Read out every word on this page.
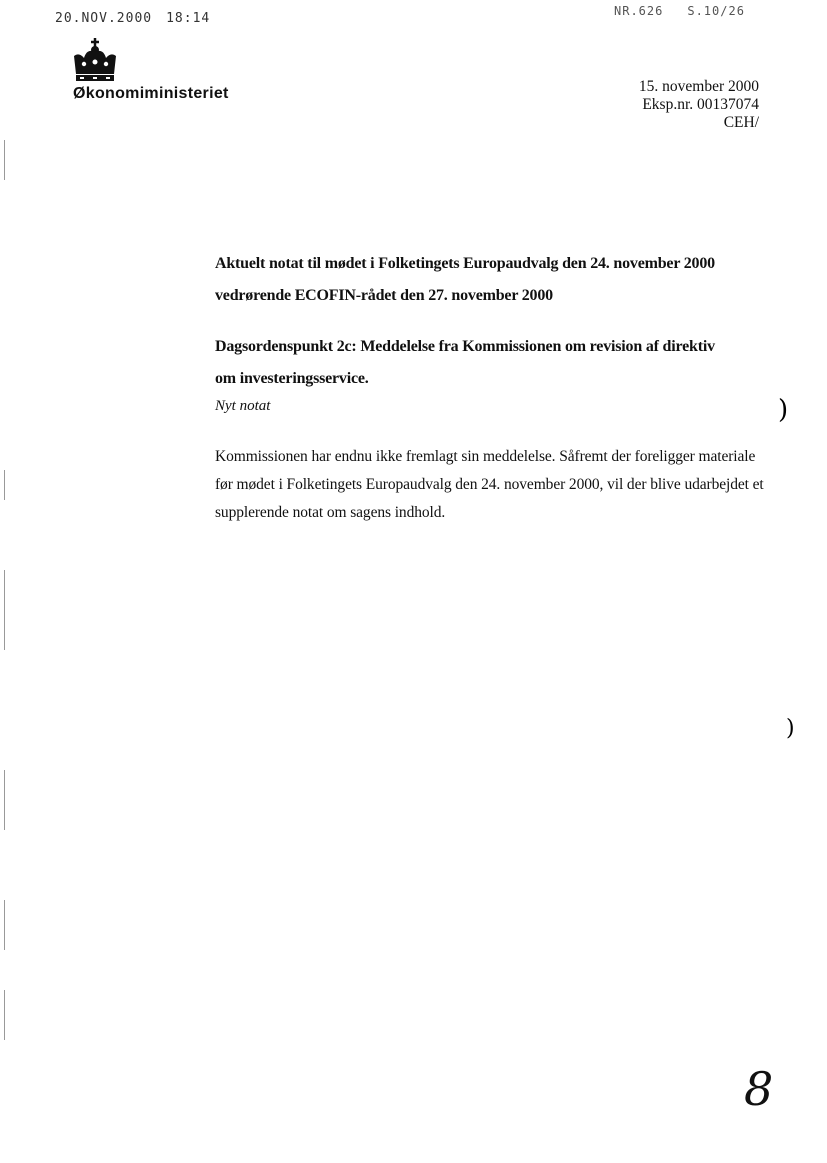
20.NOV.2000 18:14	NR.626 S.10/26
Økonomiministeriet	15. november 2000
Eksp.nr. 00137074
CEH/

Aktuelt notat til mødet i Folketingets Europaudvalg den 24. november 2000
vedrørende ECOFIN-rådet den 27. november 2000

Dagsordenspunkt 2c: Meddelelse fra Kommissionen om revision af direktiv
om investeringsservice.

Nyt notat

Kommissionen har endnu ikke fremlagt sin meddelelse. Såfremt der foreligger materiale før mødet i Folketingets Europaudvalg den 24. november 2000, vil der blive udarbejdet et supplerende notat om sagens indhold.

)
)
8
